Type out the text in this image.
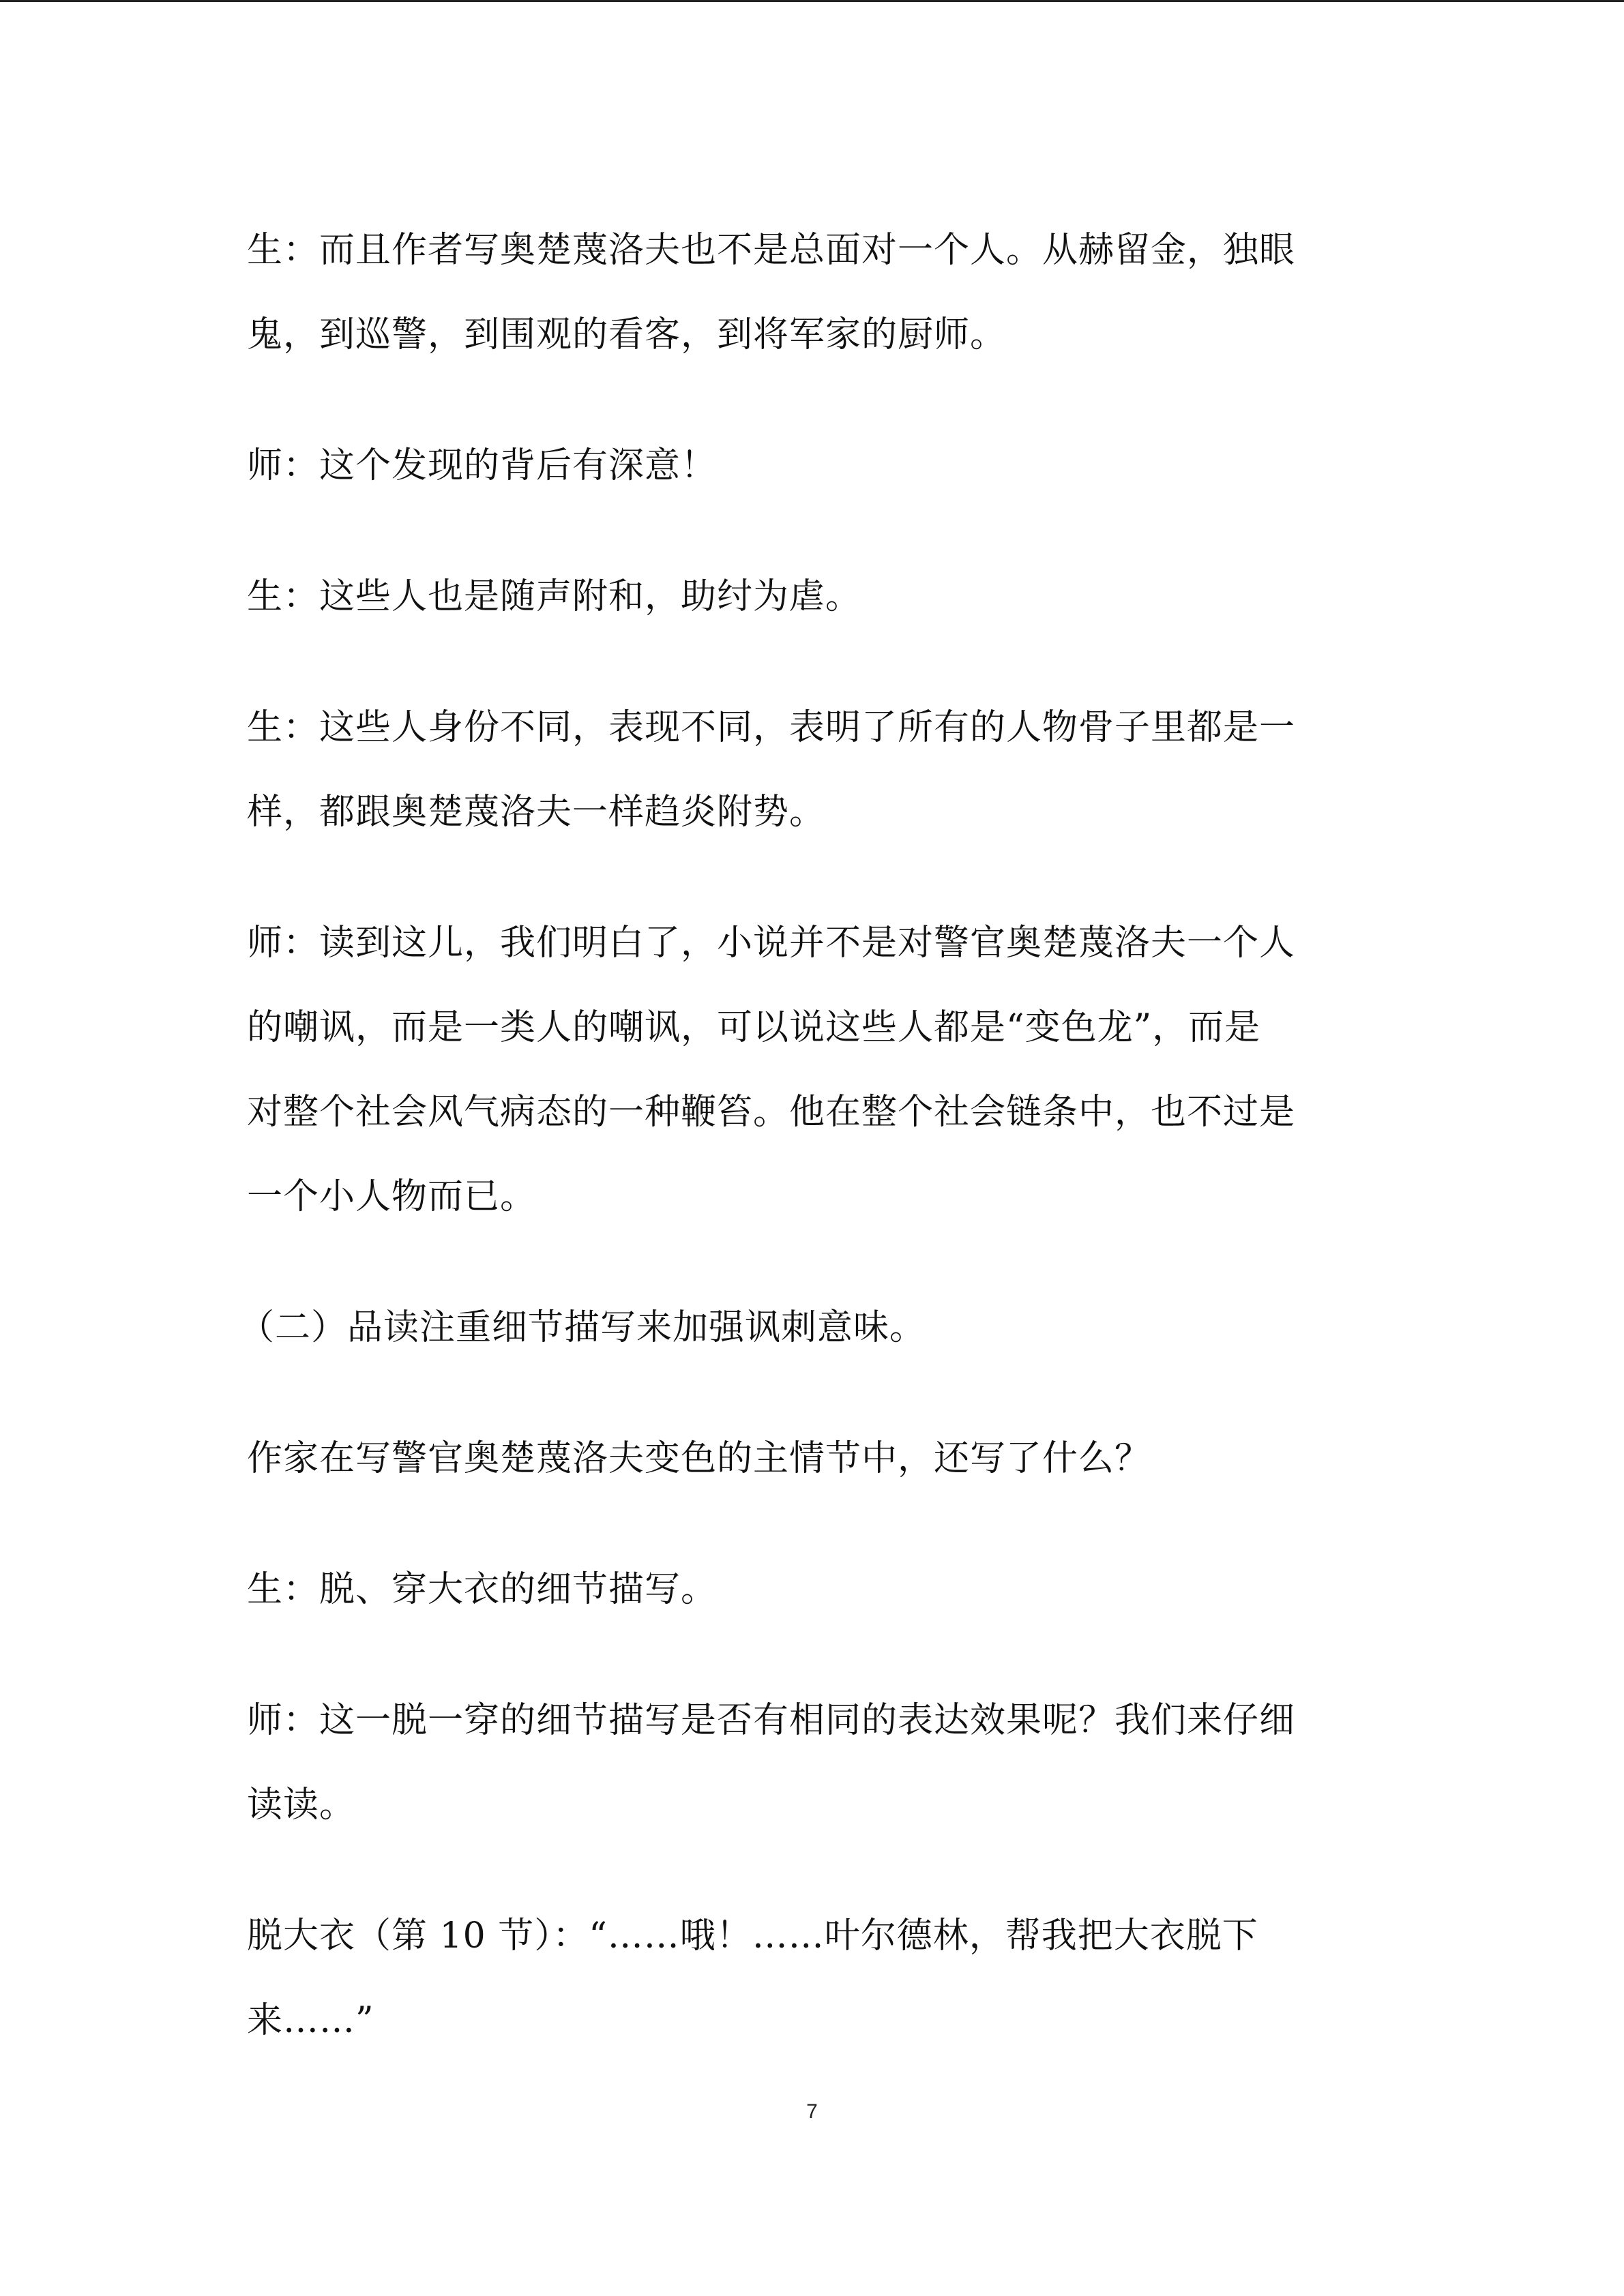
生：而且作者写奥楚蔑洛夫也不是总面对一个人。从赫留金，独眼
鬼，到巡警，到围观的看客，到将军家的厨师。
师：这个发现的背后有深意！
生：这些人也是随声附和，助纣为虐。
生：这些人身份不同，表现不同，表明了所有的人物骨子里都是一
样，都跟奥楚蔑洛夫一样趋炎附势。
师：读到这儿，我们明白了，小说并不是对警官奥楚蔑洛夫一个人
的嘲讽，而是一类人的嘲讽，可以说这些人都是“变色龙”，而是
对整个社会风气病态的一种鞭笞。他在整个社会链条中，也不过是
一个小人物而已。
（二）品读注重细节描写来加强讽刺意味。
作家在写警官奥楚蔑洛夫变色的主情节中，还写了什么？
生：脱、穿大衣的细节描写。
师：这一脱一穿的细节描写是否有相同的表达效果呢？我们来仔细
读读。
脱大衣（第 10 节）：“……哦！……叶尔德林，帮我把大衣脱下
来……”
7
